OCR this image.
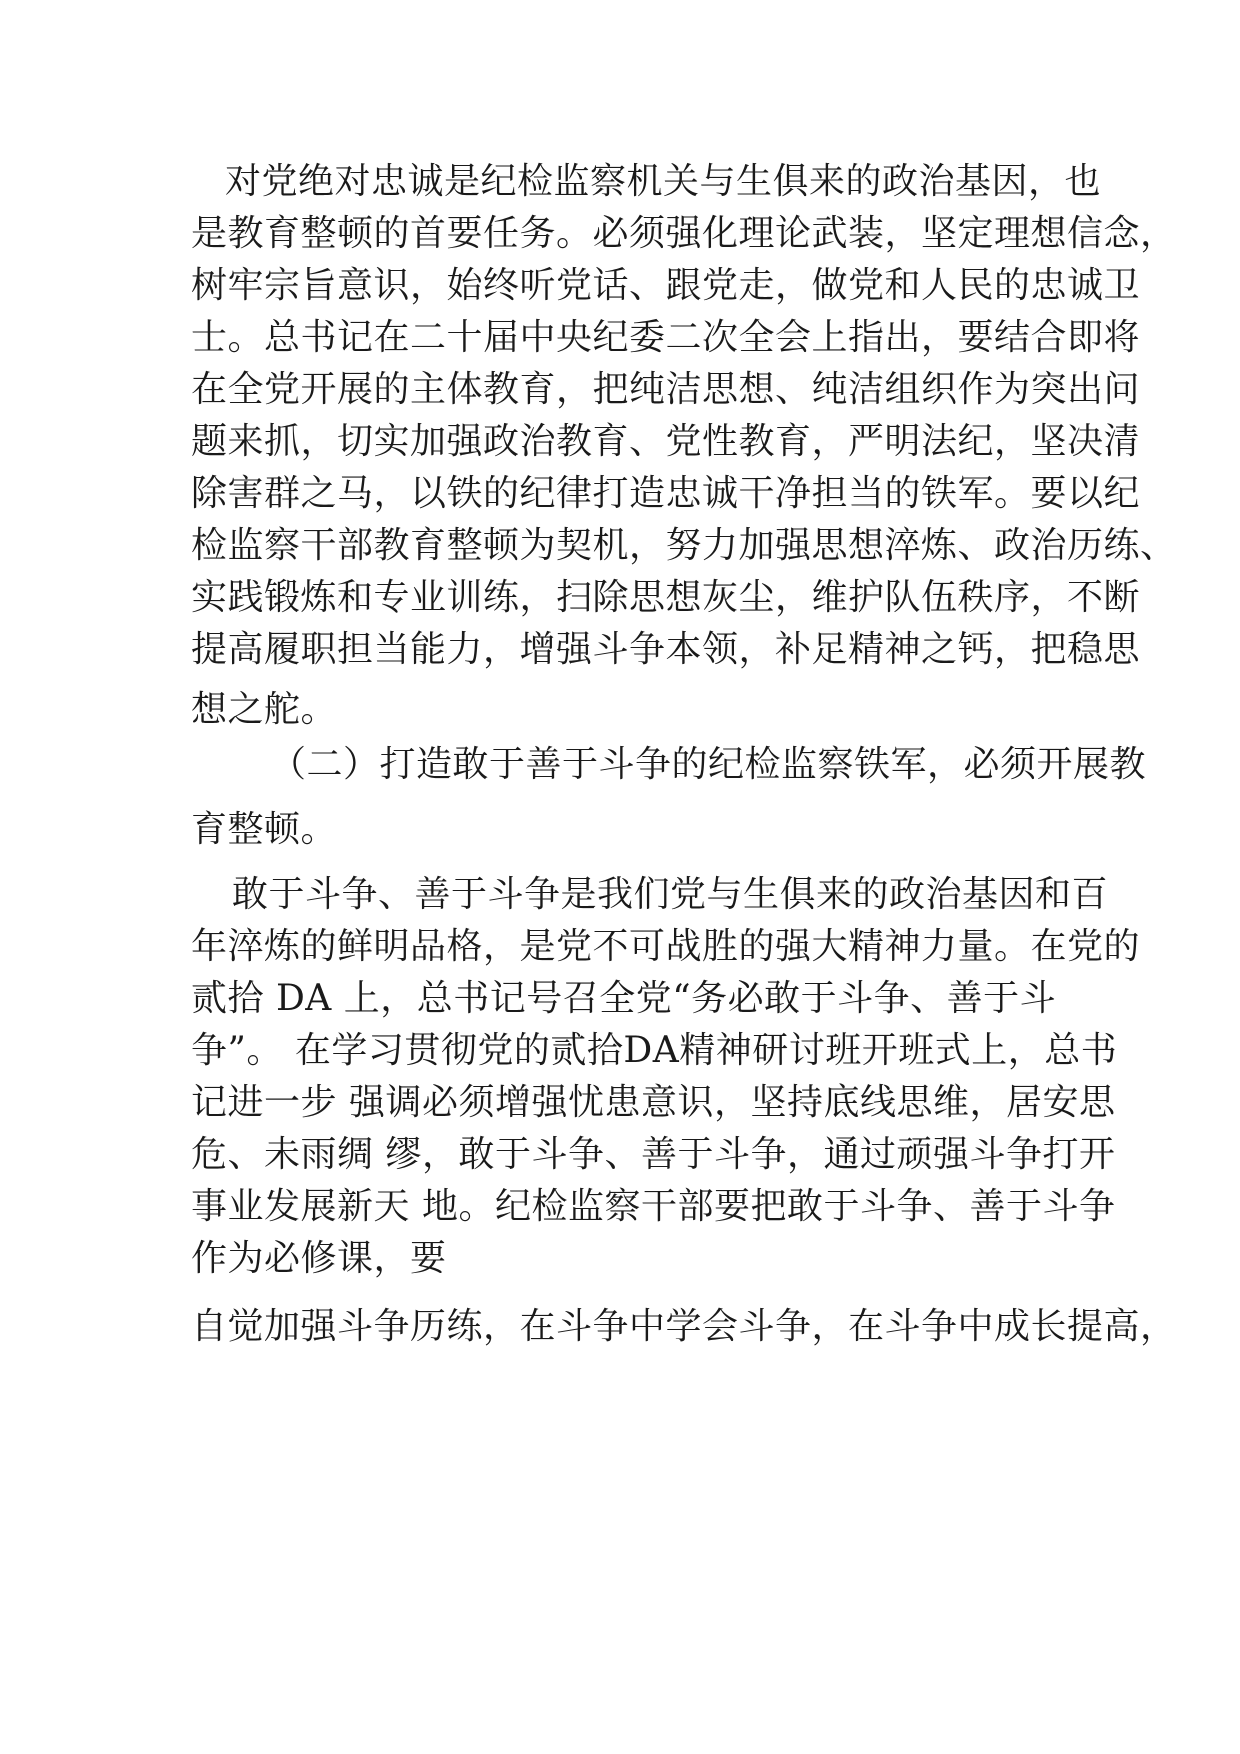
对党绝对忠诚是纪检监察机关与生俱来的政治基因，也
是教育整顿的首要任务。必须强化理论武装，坚定理想信念，
树牢宗旨意识，始终听党话、跟党走，做党和人民的忠诚卫
士。总书记在二十届中央纪委二次全会上指出，要结合即将
在全党开展的主体教育，把纯洁思想、纯洁组织作为突出问
题来抓，切实加强政治教育、党性教育，严明法纪，坚决清
除害群之马，以铁的纪律打造忠诚干净担当的铁军。要以纪
检监察干部教育整顿为契机，努力加强思想淬炼、政治历练、
实践锻炼和专业训练，扫除思想灰尘，维护队伍秩序，不断
提高履职担当能力，增强斗争本领，补足精神之钙，把稳思
想之舵。
（二）打造敢于善于斗争的纪检监察铁军，必须开展教
育整顿。
敢于斗争、善于斗争是我们党与生俱来的政治基因和百
年淬炼的鲜明品格，是党不可战胜的强大精神力量。在党的
贰拾 DA 上，总书记号召全党“务必敢于斗争、善于斗
争”。 在学习贯彻党的贰拾DA精神研讨班开班式上，总书
记进一步 强调必须增强忧患意识，坚持底线思维，居安思
危、未雨绸 缪，敢于斗争、善于斗争，通过顽强斗争打开
事业发展新天 地。纪检监察干部要把敢于斗争、善于斗争
作为必修课，要
自觉加强斗争历练，在斗争中学会斗争，在斗争中成长提高，
